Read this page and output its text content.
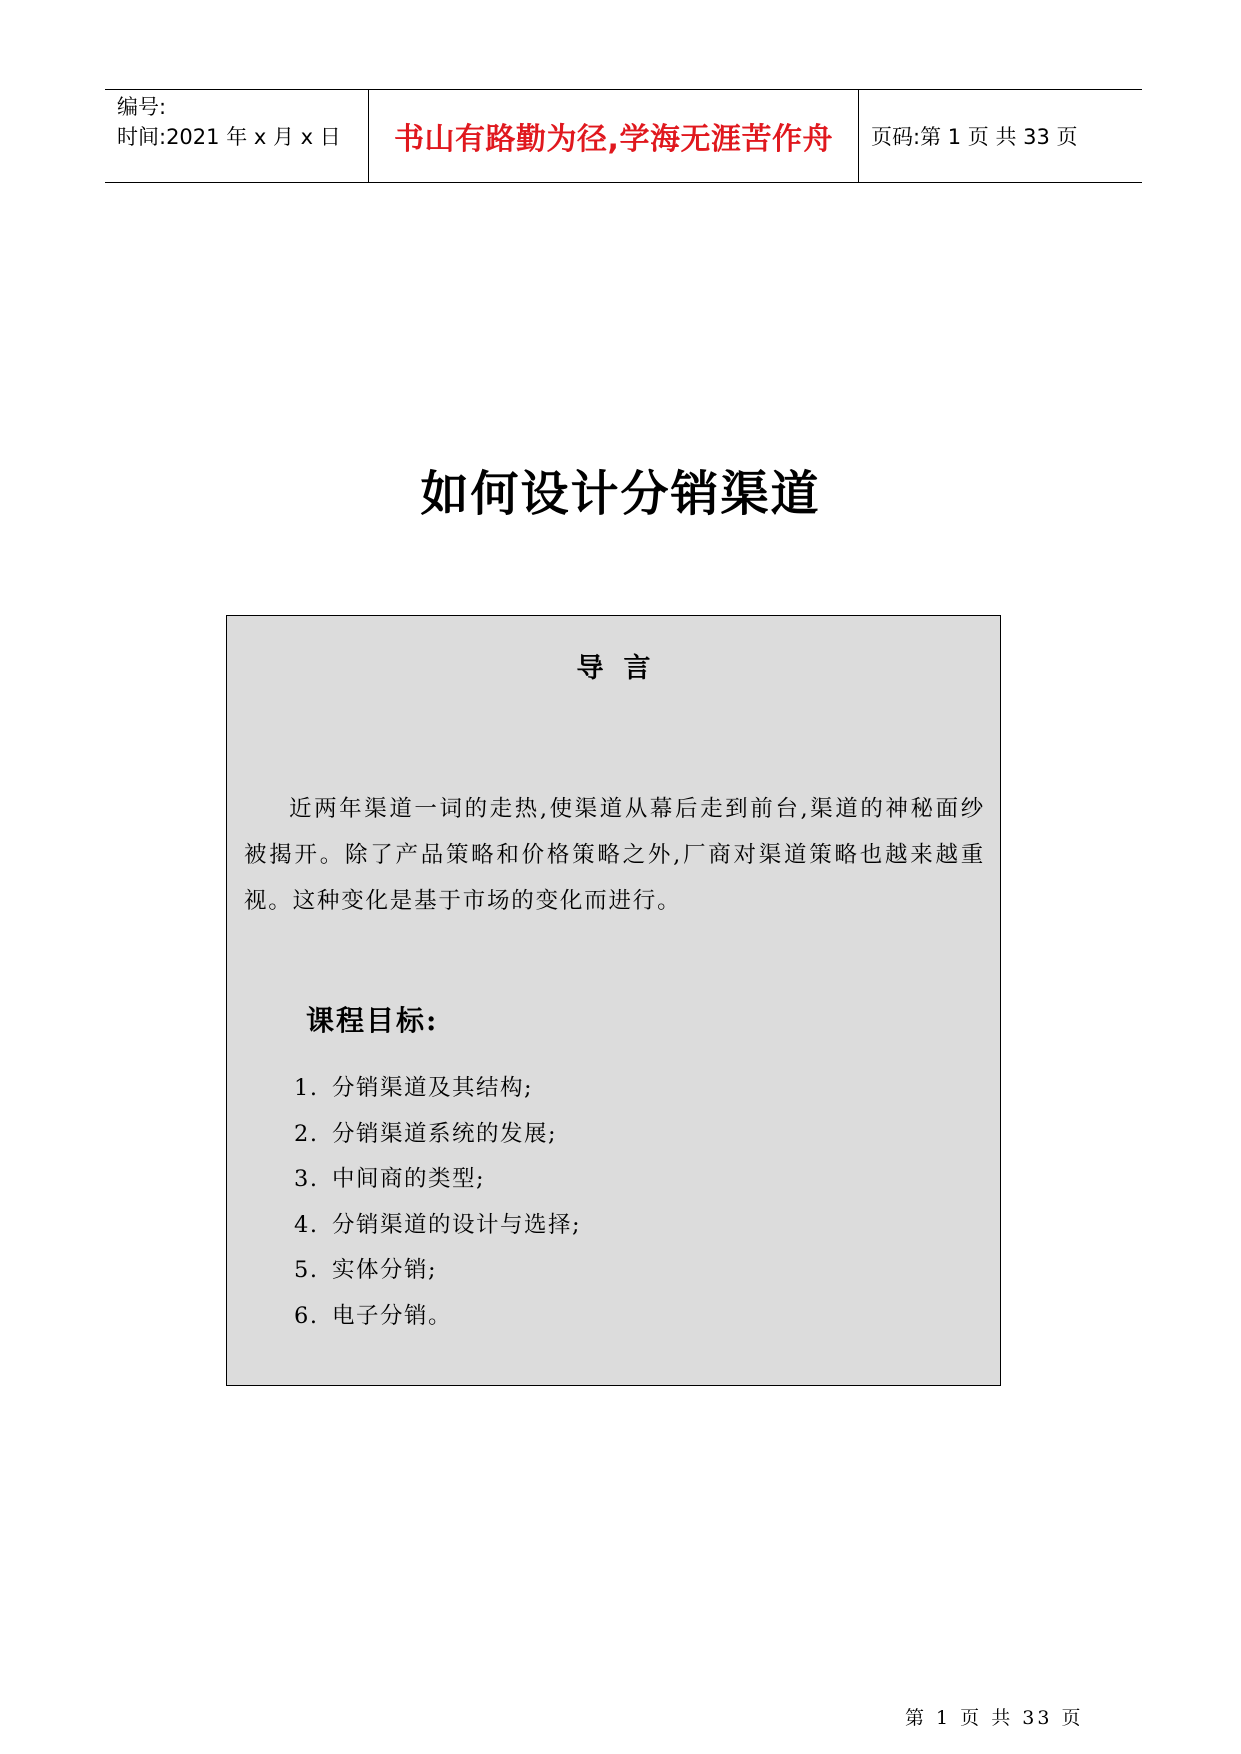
编号:
时间:2021 年 x 月 x 日	书山有路勤为径,学海无涯苦作舟 页码:第 1 页 共 33 页
如何设计分销渠道
导言
近两年渠道一词的走热,使渠道从幕后走到前台,渠道的神秘面纱被揭开。除了产品策略和价格策略之外,厂商对渠道策略也越来越重视。这种变化是基于市场的变化而进行。
课程目标:
1. 分销渠道及其结构;
2. 分销渠道系统的发展;
3. 中间商的类型;
4. 分销渠道的设计与选择;
5. 实体分销;
6. 电子分销。
第 1 页 共 33 页
